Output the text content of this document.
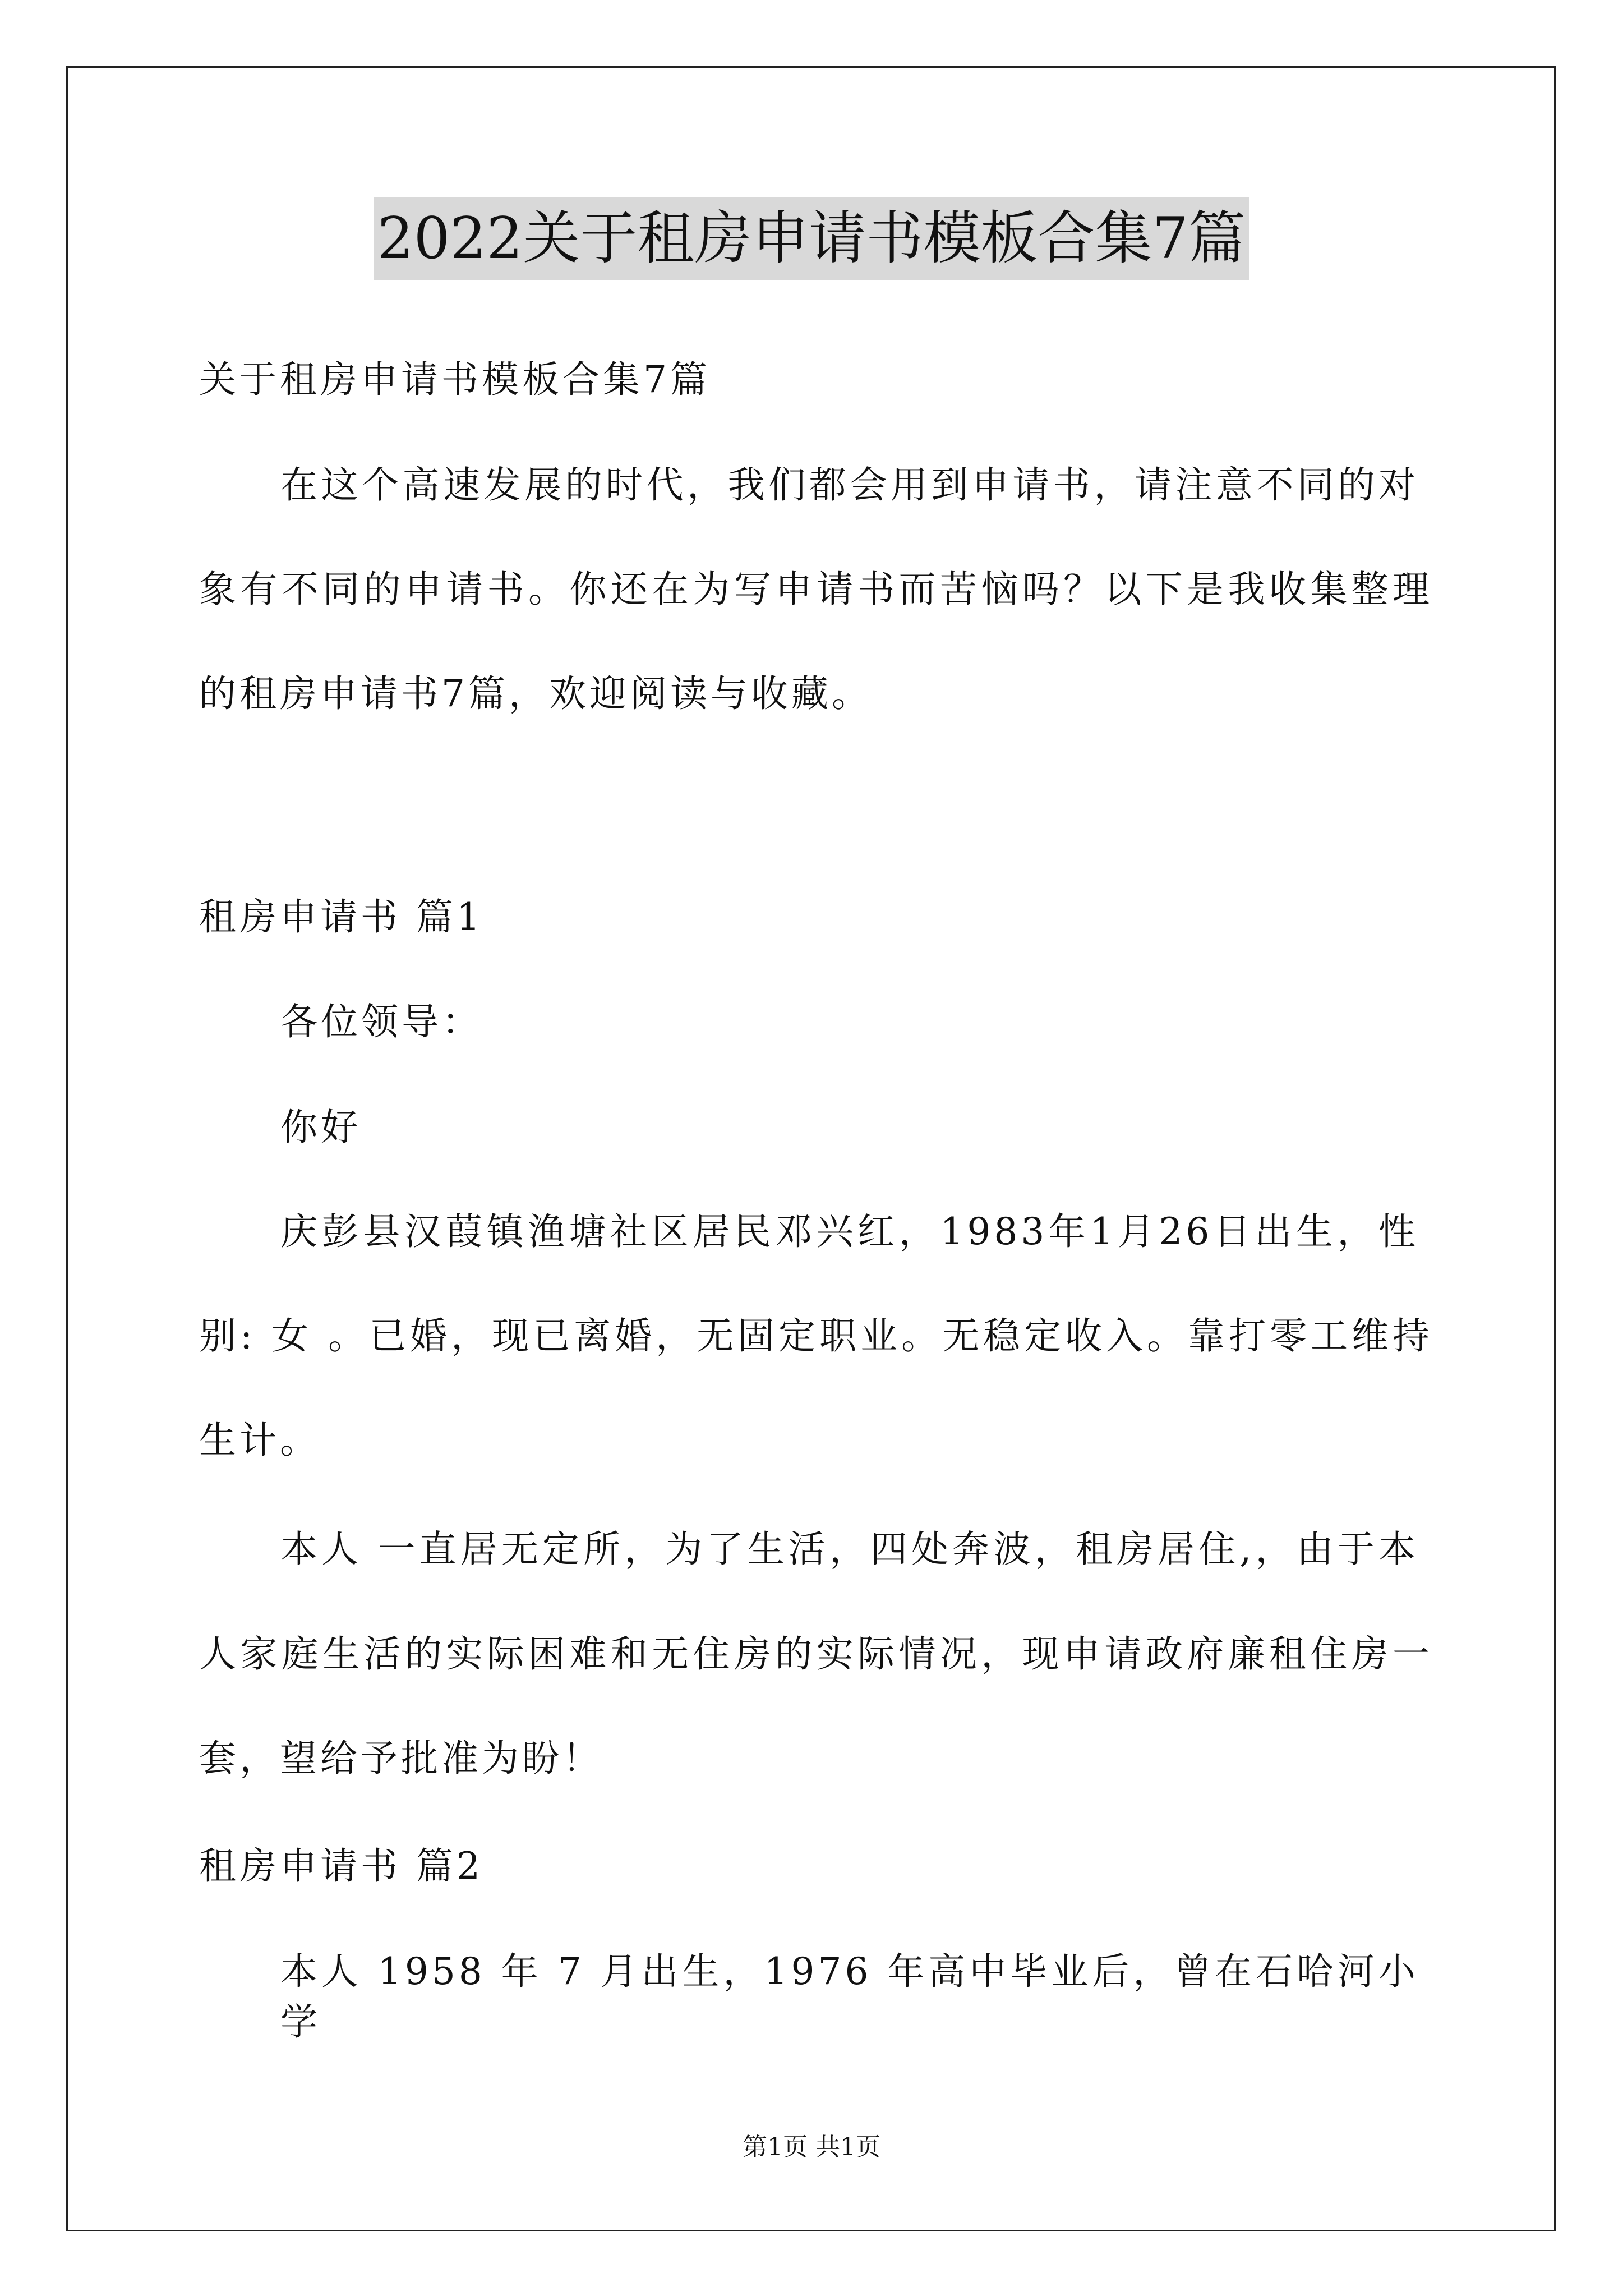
2022关于租房申请书模板合集7篇
关于租房申请书模板合集7篇
在这个高速发展的时代，我们都会用到申请书，请注意不同的对
象有不同的申请书。你还在为写申请书而苦恼吗？以下是我收集整理
的租房申请书7篇，欢迎阅读与收藏。
租房申请书 篇1
各位领导：
你好
庆彭县汉葭镇渔塘社区居民邓兴红，1983年1月26日出生，性
别: 女 。已婚，现已离婚，无固定职业。无稳定收入。靠打零工维持
生计。
本人 一直居无定所，为了生活，四处奔波，租房居住,，由于本
人家庭生活的实际困难和无住房的实际情况，现申请政府廉租住房一
套，望给予批准为盼！
租房申请书 篇2
本人 1958 年 7 月出生，1976 年高中毕业后，曾在石哈河小 学
第1页 共1页
